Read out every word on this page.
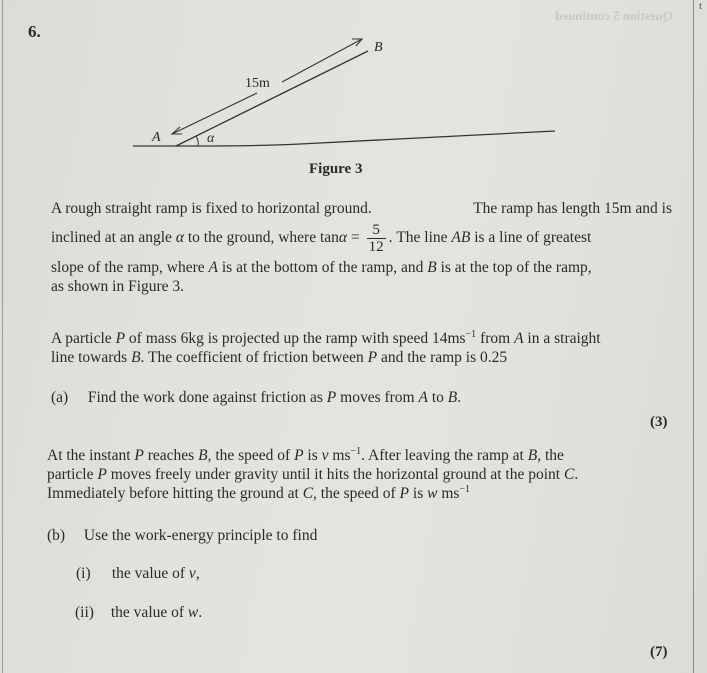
t
Question 5 continued
6.
15m
A
B
α
Figure 3
A rough straight ramp is fixed to horizontal ground.	The ramp has length 15m and is
inclined at an angle α to the ground, where $\tan\alpha = \frac{5}{12}$ . The line AB is a line of greatest
slope of the ramp, where A is at the bottom of the ramp, and B is at the top of the ramp,
as shown in Figure 3.
A particle P of mass 6kg is projected up the ramp with speed $14ms^{-1}$ from A in a straight
line towards B. The coefficient of friction between P and the ramp is 0.25
(a) Find the work done against friction as P moves from A to B.
(3)
At the instant P reaches B, the speed of P is v $ms^{-1}$. After leaving the ramp at B, the
particle P moves freely under gravity until it hits the horizontal ground at the point C.
Immediately before hitting the ground at C, the speed of P is w $ms^{-1}$
(b) Use the work-energy principle to find
(i) the value of v,
(ii) the value of w.
(7)
